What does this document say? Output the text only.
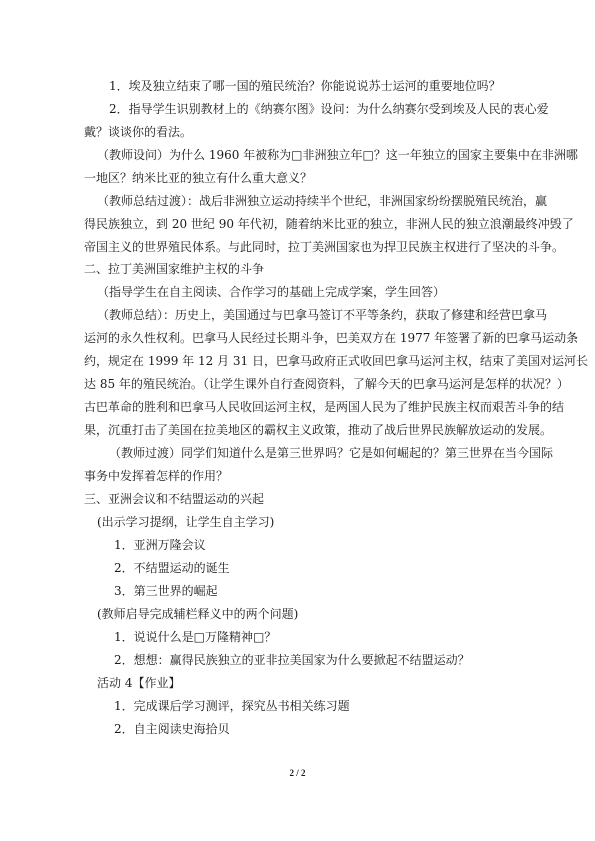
1．埃及独立结束了哪一国的殖民统治？你能说说苏士运河的重要地位吗？
2．指导学生识别教材上的《纳赛尔图》设问：为什么纳赛尔受到埃及人民的衷心爱
戴？谈谈你的看法。
（教师设问）为什么 1960 年被称为□非洲独立年□？这一年独立的国家主要集中在非洲哪
一地区？纳米比亚的独立有什么重大意义？
（教师总结过渡）：战后非洲独立运动持续半个世纪，非洲国家纷纷摆脱殖民统治，赢
得民族独立，到 20 世纪 90 年代初，随着纳米比亚的独立，非洲人民的独立浪潮最终冲毁了
帝国主义的世界殖民体系。与此同时，拉丁美洲国家也为捍卫民族主权进行了坚决的斗争。
二、拉丁美洲国家维护主权的斗争
（指导学生在自主阅读、合作学习的基础上完成学案，学生回答）
（教师总结）：历史上，美国通过与巴拿马签订不平等条约，获取了修建和经营巴拿马
运河的永久性权利。巴拿马人民经过长期斗争，巴美双方在 1977 年签署了新的巴拿马运动条
约，规定在 1999 年 12 月 31 日，巴拿马政府正式收回巴拿马运河主权，结束了美国对运河长
达 85 年的殖民统治。（让学生课外自行查阅资料，了解今天的巴拿马运河是怎样的状况？）
古巴革命的胜利和巴拿马人民收回运河主权，是两国人民为了维护民族主权而艰苦斗争的结
果，沉重打击了美国在拉美地区的霸权主义政策，推动了战后世界民族解放运动的发展。
（教师过渡）同学们知道什么是第三世界吗？它是如何崛起的？第三世界在当今国际
事务中发挥着怎样的作用？
三、亚洲会议和不结盟运动的兴起
(出示学习提纲，让学生自主学习)
1．亚洲万隆会议
2．不结盟运动的诞生
3．第三世界的崛起
(教师启导完成辅栏释义中的两个问题)
1．说说什么是□万隆精神□？
2．想想：赢得民族独立的亚非拉美国家为什么要掀起不结盟运动？
活动 4【作业】
1．完成课后学习测评，探究丛书相关练习题
2．自主阅读史海拾贝
2 / 2
